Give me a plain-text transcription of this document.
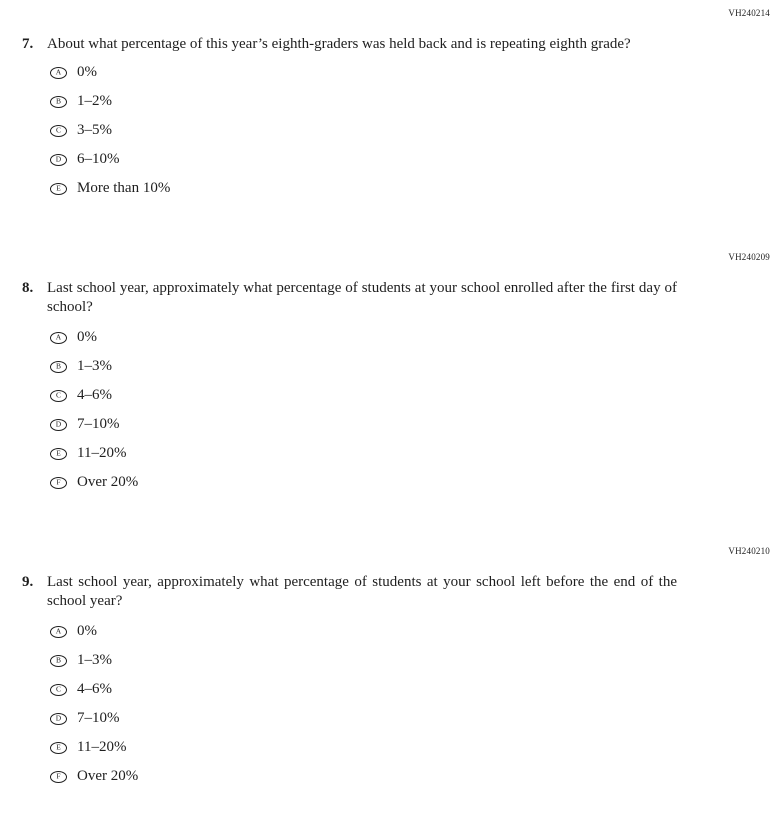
VH240214
7. About what percentage of this year’s eighth-graders was held back and is repeating eighth grade?
A 0%
B 1–2%
C 3–5%
D 6–10%
E More than 10%
VH240209
8. Last school year, approximately what percentage of students at your school enrolled after the first day of school?
A 0%
B 1–3%
C 4–6%
D 7–10%
E 11–20%
F Over 20%
VH240210
9. Last school year, approximately what percentage of students at your school left before the end of the school year?
A 0%
B 1–3%
C 4–6%
D 7–10%
E 11–20%
F Over 20%
